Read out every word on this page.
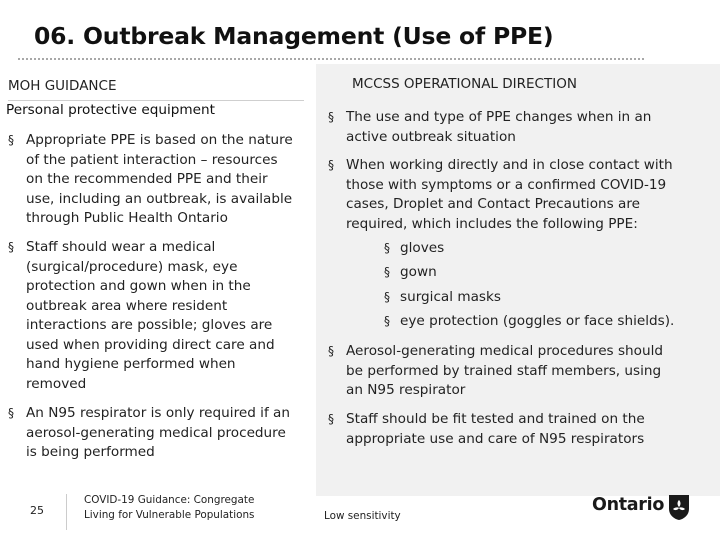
06. Outbreak Management (Use of PPE)
MOH GUIDANCE	MCCSS OPERATIONAL DIRECTION
Personal protective equipment
§ Appropriate PPE is based on the nature
of the patient interaction – resources
on the recommended PPE and their
use, including an outbreak, is available
through Public Health Ontario
§ Staff should wear a medical
(surgical/procedure) mask, eye
protection and gown when in the
outbreak area where resident
interactions are possible; gloves are
used when providing direct care and
hand hygiene performed when
removed
§ An N95 respirator is only required if an
aerosol-generating medical procedure
is being performed
§ The use and type of PPE changes when in an
active outbreak situation
§ When working directly and in close contact with
those with symptoms or a confirmed COVID-19
cases, Droplet and Contact Precautions are
required, which includes the following PPE:
§ gloves
§ gown
§ surgical masks
§ eye protection (goggles or face shields).
§ Aerosol-generating medical procedures should
be performed by trained staff members, using
an N95 respirator
§ Staff should be fit tested and trained on the
appropriate use and care of N95 respirators
25
COVID-19 Guidance: Congregate
Living for Vulnerable Populations	Low sensitivity
Ontario
